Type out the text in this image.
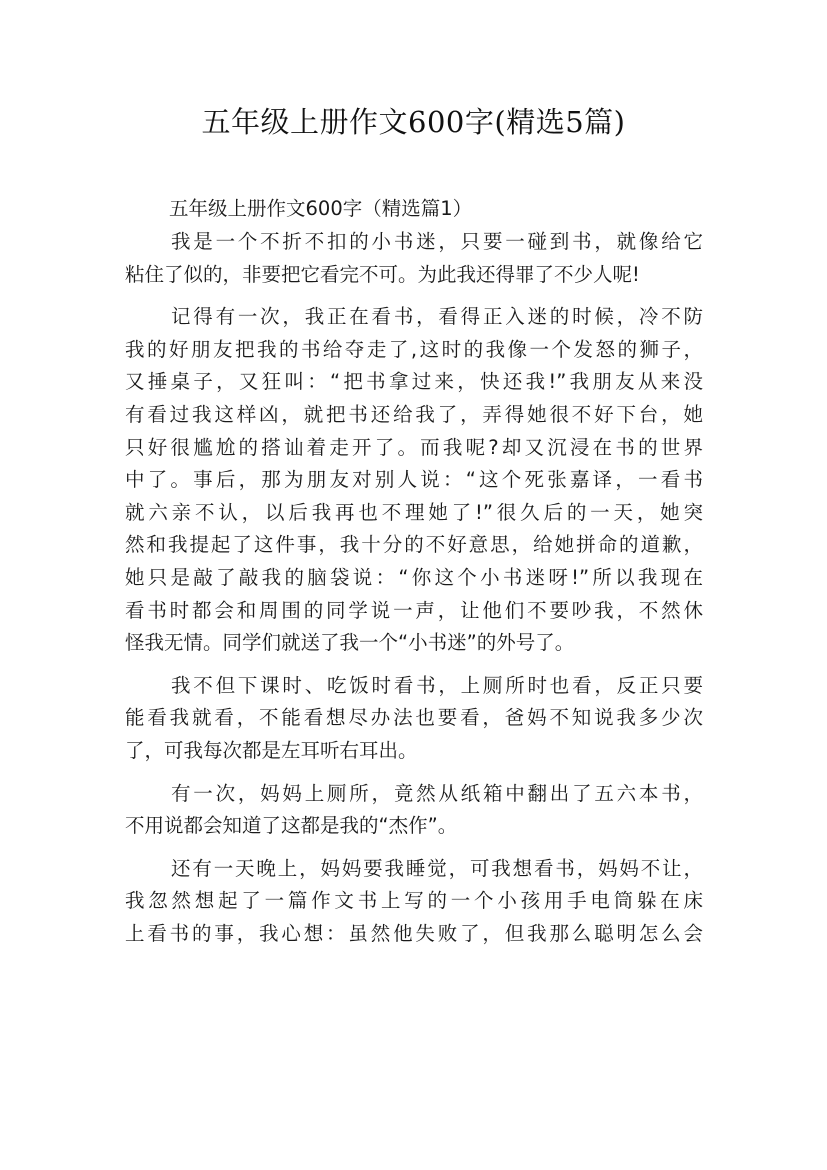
五年级上册作文600字(精选5篇)
五年级上册作文600字（精选篇1）
我是一个不折不扣的小书迷，只要一碰到书，就像给它
粘住了似的，非要把它看完不可。为此我还得罪了不少人呢!
记得有一次，我正在看书，看得正入迷的时候，冷不防
我的好朋友把我的书给夺走了,这时的我像一个发怒的狮子，
又捶桌子，又狂叫：“把书拿过来，快还我!”我朋友从来没
有看过我这样凶，就把书还给我了，弄得她很不好下台，她
只好很尴尬的搭讪着走开了。而我呢?却又沉浸在书的世界
中了。事后，那为朋友对别人说：“这个死张嘉译，一看书
就六亲不认，以后我再也不理她了!”很久后的一天，她突
然和我提起了这件事，我十分的不好意思，给她拼命的道歉，
她只是敲了敲我的脑袋说：“你这个小书迷呀!”所以我现在
看书时都会和周围的同学说一声，让他们不要吵我，不然休
怪我无情。同学们就送了我一个“小书迷”的外号了。
我不但下课时、吃饭时看书，上厕所时也看，反正只要
能看我就看，不能看想尽办法也要看，爸妈不知说我多少次
了，可我每次都是左耳听右耳出。
有一次，妈妈上厕所，竟然从纸箱中翻出了五六本书，
不用说都会知道了这都是我的“杰作”。
还有一天晚上，妈妈要我睡觉，可我想看书，妈妈不让，
我忽然想起了一篇作文书上写的一个小孩用手电筒躲在床
上看书的事，我心想：虽然他失败了，但我那么聪明怎么会
